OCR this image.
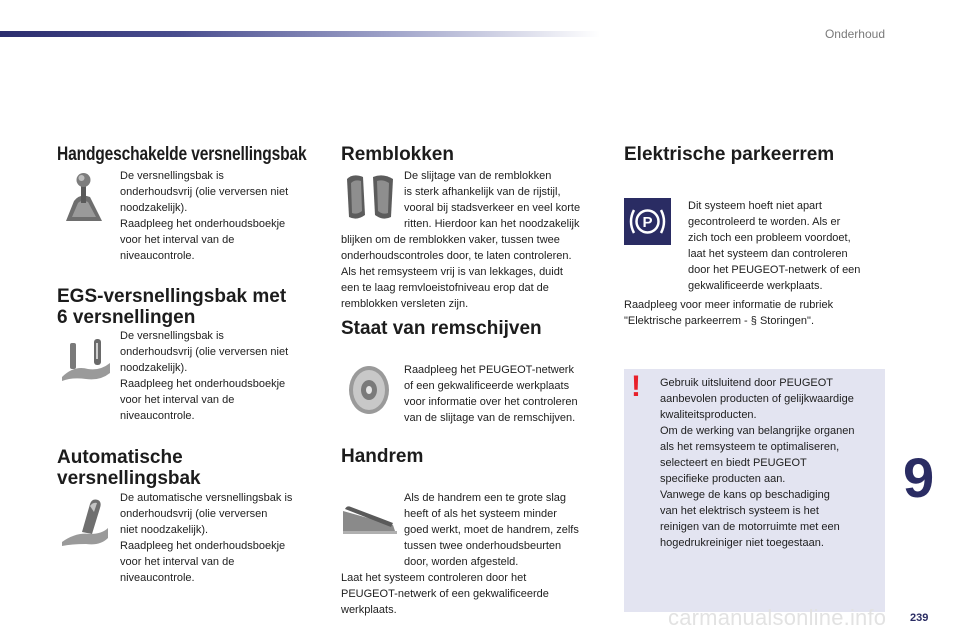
Onderhoud
Handgeschakelde versnellingsbak

De versnellingsbak is
onderhoudsvrij (olie verversen niet
noodzakelijk).
Raadpleeg het onderhoudsboekje
voor het interval van de
niveaucontrole.

EGS-versnellingsbak met
6 versnellingen

De versnellingsbak is
onderhoudsvrij (olie verversen niet
noodzakelijk).
Raadpleeg het onderhoudsboekje
voor het interval van de
niveaucontrole.

Automatische
versnellingsbak

De automatische versnellingsbak is
onderhoudsvrij (olie verversen
niet noodzakelijk).
Raadpleeg het onderhoudsboekje
voor het interval van de
niveaucontrole.

Remblokken

De slijtage van de remblokken
is sterk afhankelijk van de rijstijl,
vooral bij stadsverkeer en veel korte
ritten. Hierdoor kan het noodzakelijk

blijken om de remblokken vaker, tussen twee
onderhoudscontroles door, te laten controleren.
Als het remsysteem vrij is van lekkages, duidt
een te laag remvloeistofniveau erop dat de
remblokken versleten zijn.

Staat van remschijven

Raadpleeg het PEUGEOT-netwerk
of een gekwalificeerde werkplaats
voor informatie over het controleren
van de slijtage van de remschijven.

Handrem

Als de handrem een te grote slag
heeft of als het systeem minder
goed werkt, moet de handrem, zelfs
tussen twee onderhoudsbeurten
door, worden afgesteld.

Laat het systeem controleren door het
PEUGEOT-netwerk of een gekwalificeerde
werkplaats.

Elektrische parkeerrem
P

Dit systeem hoeft niet apart
gecontroleerd te worden. Als er
zich toch een probleem voordoet,
laat het systeem dan controleren
door het PEUGEOT-netwerk of een
gekwalificeerde werkplaats.

Raadpleeg voor meer informatie de rubriek
"Elektrische parkeerrem - § Storingen".

! Gebruik uitsluitend door PEUGEOT
aanbevolen producten of gelijkwaardige
kwaliteitsproducten.
Om de werking van belangrijke organen
als het remsysteem te optimaliseren,
selecteert en biedt PEUGEOT
specifieke producten aan.
Vanwege de kans op beschadiging
van het elektrisch systeem is het
reinigen van de motorruimte met een
hogedrukreiniger niet toegestaan.

9
carmanualsonline.info 239
